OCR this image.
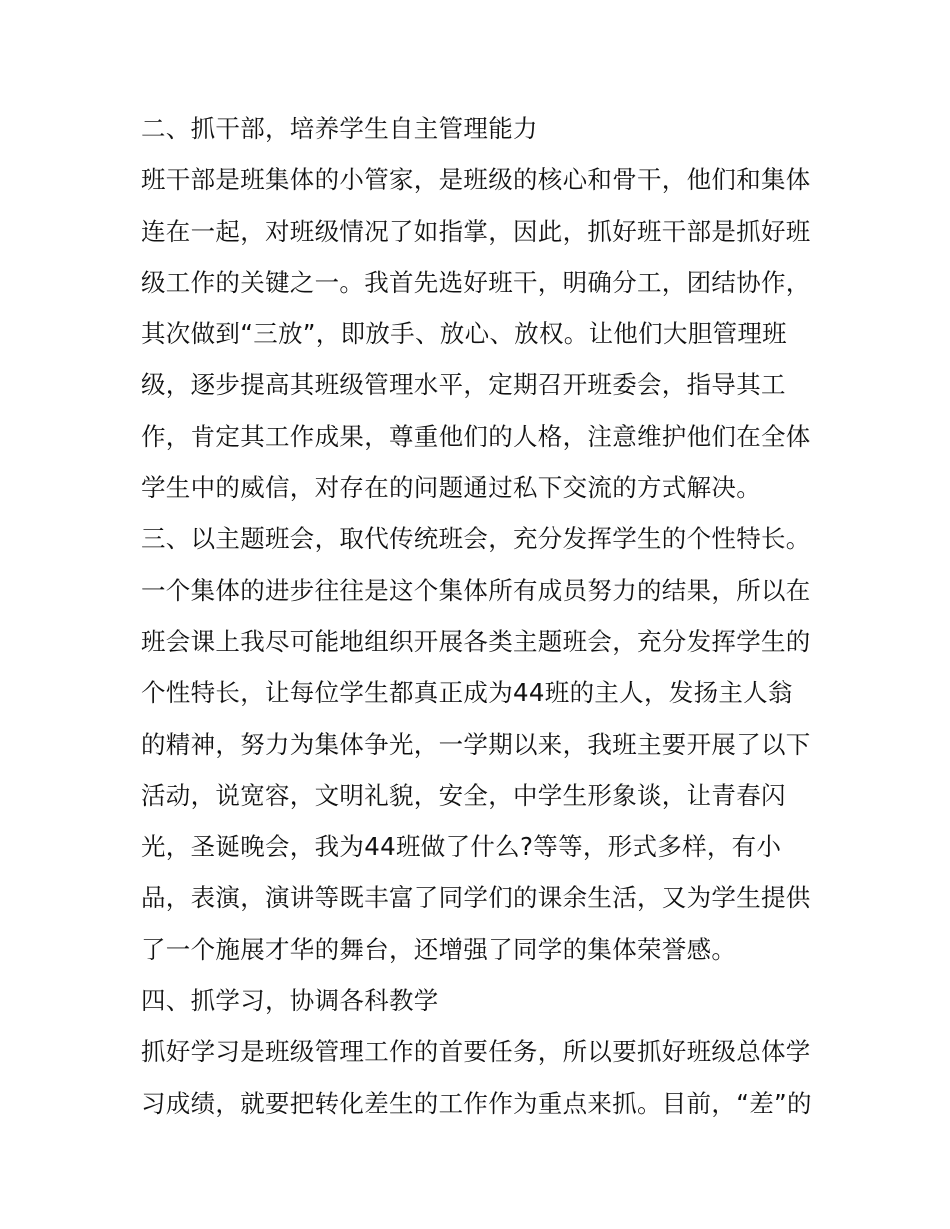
二、抓干部，培养学生自主管理能力
班干部是班集体的小管家，是班级的核心和骨干，他们和集体
连在一起，对班级情况了如指掌，因此，抓好班干部是抓好班
级工作的关键之一。我首先选好班干，明确分工，团结协作，
其次做到“三放”，即放手、放心、放权。让他们大胆管理班
级，逐步提高其班级管理水平，定期召开班委会，指导其工
作，肯定其工作成果，尊重他们的人格，注意维护他们在全体
学生中的威信，对存在的问题通过私下交流的方式解决。
三、以主题班会，取代传统班会，充分发挥学生的个性特长。
一个集体的进步往往是这个集体所有成员努力的结果，所以在
班会课上我尽可能地组织开展各类主题班会，充分发挥学生的
个性特长，让每位学生都真正成为44班的主人，发扬主人翁
的精神，努力为集体争光，一学期以来，我班主要开展了以下
活动，说宽容，文明礼貌，安全，中学生形象谈，让青春闪
光，圣诞晚会，我为44班做了什么?等等，形式多样，有小
品，表演，演讲等既丰富了同学们的课余生活，又为学生提供
了一个施展才华的舞台，还增强了同学的集体荣誉感。
四、抓学习，协调各科教学
抓好学习是班级管理工作的首要任务，所以要抓好班级总体学
习成绩，就要把转化差生的工作作为重点来抓。目前，“差”的
